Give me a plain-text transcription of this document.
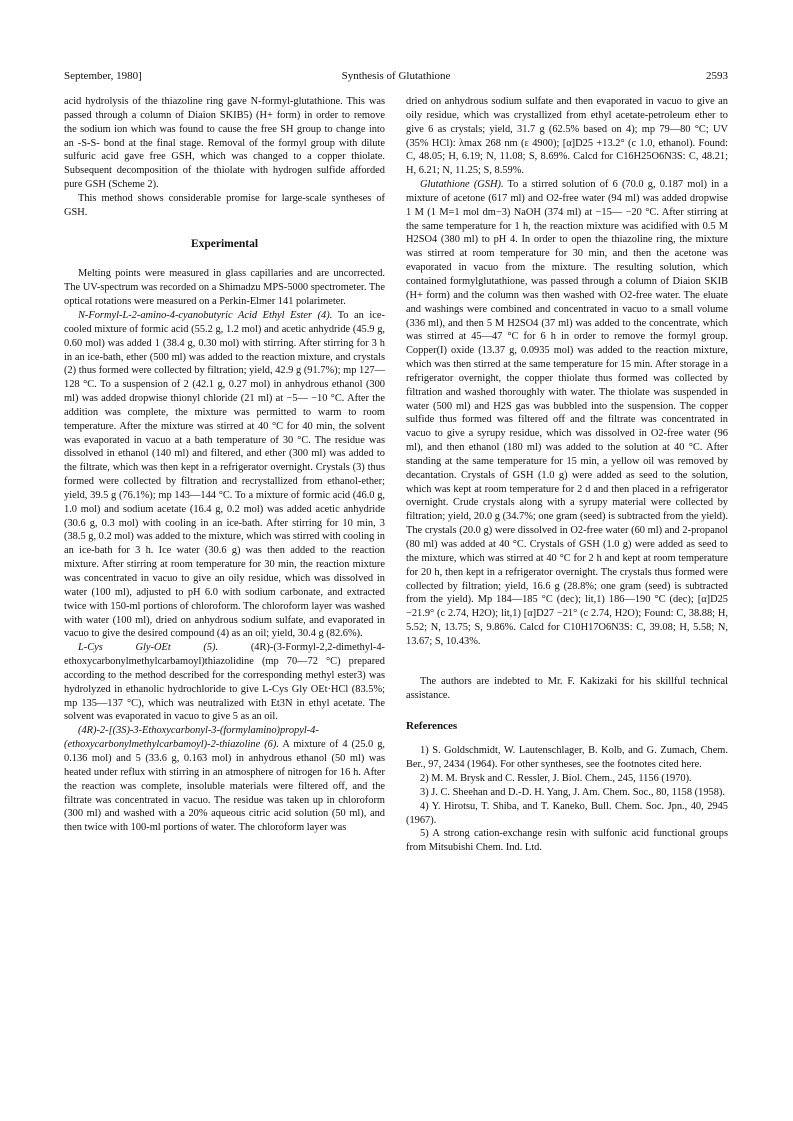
September, 1980]	Synthesis of Glutathione	2593

acid hydrolysis of the thiazoline ring gave N-formyl-glutathione. This was passed through a column of Diaion SKIB5) (H+ form) in order to remove the sodium ion which was found to cause the free SH group to change into an -S-S- bond at the final stage. Removal of the formyl group with dilute sulfuric acid gave free GSH, which was changed to a copper thiolate. Subsequent decomposition of the thiolate with hydrogen sulfide afforded pure GSH (Scheme 2).

This method shows considerable promise for large-scale syntheses of GSH.

Experimental

Melting points were measured in glass capillaries and are uncorrected. The UV-spectrum was recorded on a Shimadzu MPS-5000 spectrometer. The optical rotations were measured on a Perkin-Elmer 141 polarimeter.

N-Formyl-L-2-amino-4-cyanobutyric Acid Ethyl Ester (4). To an ice-cooled mixture of formic acid (55.2 g, 1.2 mol) and acetic anhydride (45.9 g, 0.60 mol) was added 1 (38.4 g, 0.30 mol) with stirring. After stirring for 3 h in an ice-bath, ether (500 ml) was added to the reaction mixture, and crystals (2) thus formed were collected by filtration; yield, 42.9 g (91.7%); mp 127—128 °C. To a suspension of 2 (42.1 g, 0.27 mol) in anhydrous ethanol (300 ml) was added dropwise thionyl chloride (21 ml) at −5— −10 °C. After the addition was complete, the mixture was permitted to warm to room temperature. After the mixture was stirred at 40 °C for 40 min, the solvent was evaporated in vacuo at a bath temperature of 30 °C. The residue was dissolved in ethanol (140 ml) and filtered, and ether (300 ml) was added to the filtrate, which was then kept in a refrigerator overnight. Crystals (3) thus formed were collected by filtration and recrystallized from ethanol-ether; yield, 39.5 g (76.1%); mp 143—144 °C. To a mixture of formic acid (46.0 g, 1.0 mol) and sodium acetate (16.4 g, 0.2 mol) was added acetic anhydride (30.6 g, 0.3 mol) with cooling in an ice-bath. After stirring for 10 min, 3 (38.5 g, 0.2 mol) was added to the mixture, which was stirred with cooling in an ice-bath for 3 h. Ice water (30.6 g) was then added to the reaction mixture. After stirring at room temperature for 30 min, the reaction mixture was concentrated in vacuo to give an oily residue, which was dissolved in water (100 ml), adjusted to pH 6.0 with sodium carbonate, and extracted twice with 150-ml portions of chloroform. The chloroform layer was washed with water (100 ml), dried on anhydrous sodium sulfate, and evaporated in vacuo to give the desired compound (4) as an oil; yield, 30.4 g (82.6%).

L-Cys Gly-OEt (5).	(4R)-(3-Formyl-2,2-dimethyl-4-ethoxycarbonylmethylcarbamoyl)thiazolidine (mp 70—72 °C) prepared according to the method described for the corresponding methyl ester3) was hydrolyzed in ethanolic hydrochloride to give L-Cys Gly OEt·HCl (83.5%; mp 135—137 °C), which was neutralized with Et3N in ethyl acetate. The solvent was evaporated in vacuo to give 5 as an oil.

(4R)-2-[(3S)-3-Ethoxycarbonyl-3-(formylamino)propyl-4-(ethoxycarbonylmethylcarbamoyl)-2-thiazoline (6). A mixture of 4 (25.0 g, 0.136 mol) and 5 (33.6 g, 0.163 mol) in anhydrous ethanol (50 ml) was heated under reflux with stirring in an atmosphere of nitrogen for 16 h. After the reaction was complete, insoluble materials were filtered off, and the filtrate was concentrated in vacuo. The residue was taken up in chloroform (300 ml) and washed with a 20% aqueous citric acid solution (50 ml), and then twice with 100-ml portions of water. The chloroform layer was

dried on anhydrous sodium sulfate and then evaporated in vacuo to give an oily residue, which was crystallized from ethyl acetate-petroleum ether to give 6 as crystals; yield, 31.7 g (62.5% based on 4); mp 79—80 °C; UV (35% HCl): λmax 268 nm (ε 4900); [α]D25 +13.2° (c 1.0, ethanol). Found: C, 48.05; H, 6.19; N, 11.08; S, 8.69%. Calcd for C16H25O6N3S: C, 48.21; H, 6.21; N, 11.25; S, 8.59%.

Glutathione (GSH). To a stirred solution of 6 (70.0 g, 0.187 mol) in a mixture of acetone (617 ml) and O2-free water (94 ml) was added dropwise 1 M (1 M=1 mol dm−3) NaOH (374 ml) at −15— −20 °C. After stirring at the same temperature for 1 h, the reaction mixture was acidified with 0.5 M H2SO4 (380 ml) to pH 4. In order to open the thiazoline ring, the mixture was stirred at room temperature for 30 min, and then the acetone was evaporated in vacuo from the mixture. The resulting solution, which contained formylglutathione, was passed through a column of Diaion SKIB (H+ form) and the column was then washed with O2-free water. The eluate and washings were combined and concentrated in vacuo to a small volume (336 ml), and then 5 M H2SO4 (37 ml) was added to the concentrate, which was stirred at 45—47 °C for 6 h in order to remove the formyl group. Copper(I) oxide (13.37 g, 0.0935 mol) was added to the reaction mixture, which was then stirred at the same temperature for 15 min. After storage in a refrigerator overnight, the copper thiolate thus formed was collected by filtration and washed thoroughly with water. The thiolate was suspended in water (500 ml) and H2S gas was bubbled into the suspension. The copper sulfide thus formed was filtered off and the filtrate was concentrated in vacuo to give a syrupy residue, which was dissolved in O2-free water (96 ml), and then ethanol (180 ml) was added to the solution at 40 °C. After standing at the same temperature for 15 min, a yellow oil was removed by decantation. Crystals of GSH (1.0 g) were added as seed to the solution, which was kept at room temperature for 2 d and then placed in a refrigerator overnight. Crude crystals along with a syrupy material were collected by filtration; yield, 20.0 g (34.7%; one gram (seed) is subtracted from the yield). The crystals (20.0 g) were dissolved in O2-free water (60 ml) and 2-propanol (80 ml) was added at 40 °C. Crystals of GSH (1.0 g) were added as seed to the mixture, which was stirred at 40 °C for 2 h and kept at room temperature for 20 h, then kept in a refrigerator overnight. The crystals thus formed were collected by filtration; yield, 16.6 g (28.8%; one gram (seed) is subtracted from the yield). Mp 184—185 °C (dec); lit,1) 186—190 °C (dec); [α]D25 −21.9° (c 2.74, H2O); lit,1) [α]D27 −21° (c 2.74, H2O); Found: C, 38.88; H, 5.52; N, 13.75; S, 9.86%. Calcd for C10H17O6N3S: C, 39.08; H, 5.58; N, 13.67; S, 10.43%.

The authors are indebted to Mr. F. Kakizaki for his skillful technical assistance.

References
1) S. Goldschmidt, W. Lautenschlager, B. Kolb, and G. Zumach, Chem. Ber., 97, 2434 (1964). For other syntheses, see the footnotes cited here.
2) M. M. Brysk and C. Ressler, J. Biol. Chem., 245, 1156 (1970).
3) J. C. Sheehan and D.-D. H. Yang, J. Am. Chem. Soc., 80, 1158 (1958).
4) Y. Hirotsu, T. Shiba, and T. Kaneko, Bull. Chem. Soc. Jpn., 40, 2945 (1967).
5) A strong cation-exchange resin with sulfonic acid functional groups from Mitsubishi Chem. Ind. Ltd.
